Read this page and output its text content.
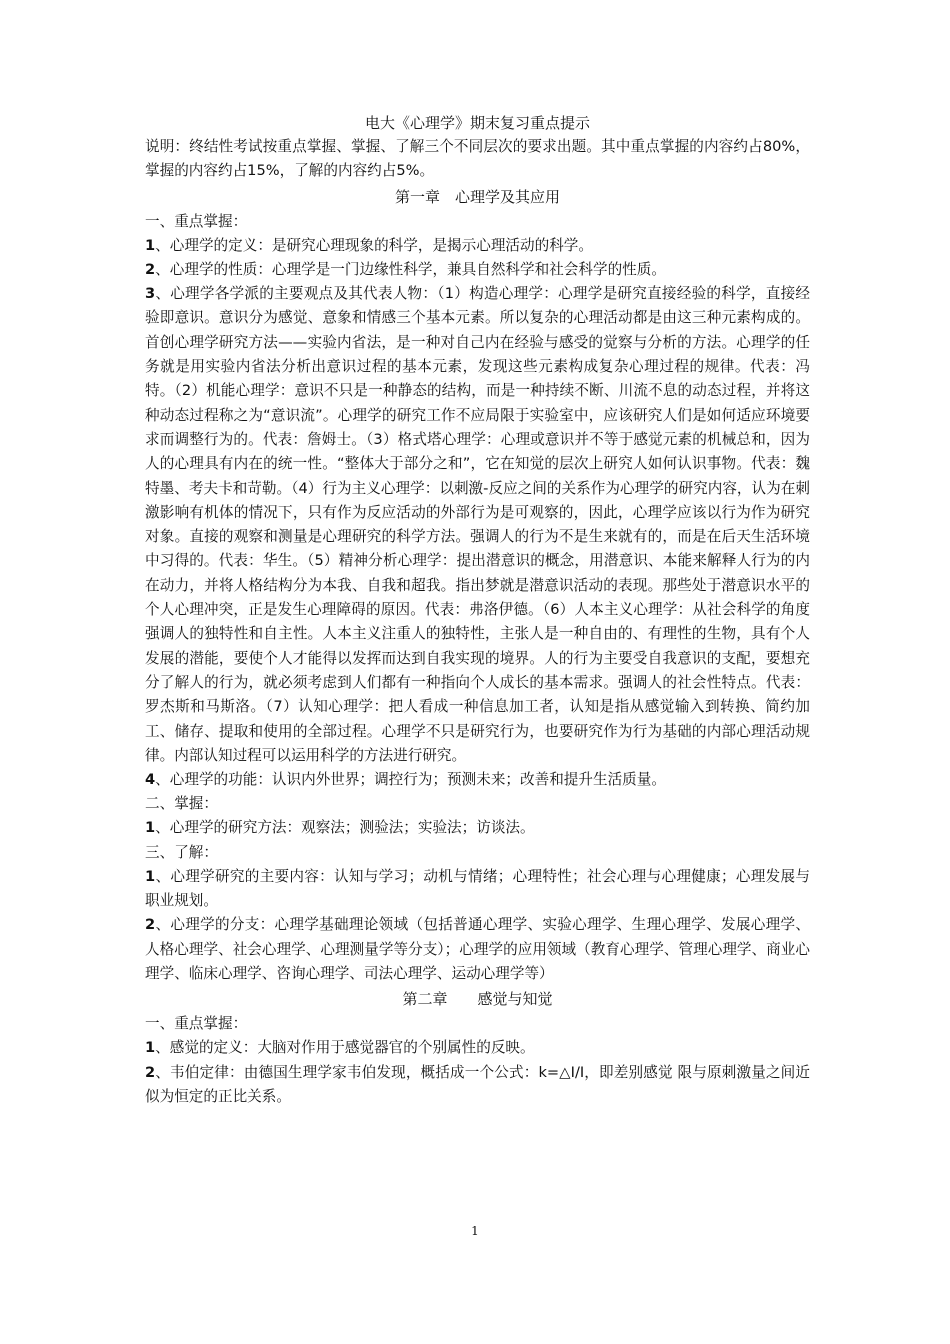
电大《心理学》期末复习重点提示

说明：终结性考试按重点掌握、掌握、了解三个不同层次的要求出题。其中重点掌握的内容约占80%，掌握的内容约占15%，了解的内容约占5%。

第一章　心理学及其应用
一、重点掌握：

1、心理学的定义：是研究心理现象的科学，是揭示心理活动的科学。

2、心理学的性质：心理学是一门边缘性科学，兼具自然科学和社会科学的性质。

3、心理学各学派的主要观点及其代表人物：（1）构造心理学：心理学是研究直接经验的科学，直接经验即意识。意识分为感觉、意象和情感三个基本元素。所以复杂的心理活动都是由这三种元素构成的。首创心理学研究方法——实验内省法，是一种对自己内在经验与感受的觉察与分析的方法。心理学的任务就是用实验内省法分析出意识过程的基本元素，发现这些元素构成复杂心理过程的规律。代表：冯特。（2）机能心理学：意识不只是一种静态的结构，而是一种持续不断、川流不息的动态过程，并将这种动态过程称之为“意识流”。心理学的研究工作不应局限于实验室中，应该研究人们是如何适应环境要求而调整行为的。代表：詹姆士。（3）格式塔心理学：心理或意识并不等于感觉元素的机械总和，因为人的心理具有内在的统一性。“整体大于部分之和”，它在知觉的层次上研究人如何认识事物。代表：魏特墨、考夫卡和苛勒。（4）行为主义心理学：以刺激-反应之间的关系作为心理学的研究内容，认为在刺激影响有机体的情况下，只有作为反应活动的外部行为是可观察的，因此，心理学应该以行为作为研究对象。直接的观察和测量是心理研究的科学方法。强调人的行为不是生来就有的，而是在后天生活环境中习得的。代表：华生。（5）精神分析心理学：提出潜意识的概念，用潜意识、本能来解释人行为的内在动力，并将人格结构分为本我、自我和超我。指出梦就是潜意识活动的表现。那些处于潜意识水平的个人心理冲突，正是发生心理障碍的原因。代表：弗洛伊德。（6）人本主义心理学：从社会科学的角度强调人的独特性和自主性。人本主义注重人的独特性，主张人是一种自由的、有理性的生物，具有个人发展的潜能，要使个人才能得以发挥而达到自我实现的境界。人的行为主要受自我意识的支配，要想充分了解人的行为，就必须考虑到人们都有一种指向个人成长的基本需求。强调人的社会性特点。代表：罗杰斯和马斯洛。（7）认知心理学：把人看成一种信息加工者，认知是指从感觉输入到转换、简约加工、储存、提取和使用的全部过程。心理学不只是研究行为，也要研究作为行为基础的内部心理活动规律。内部认知过程可以运用科学的方法进行研究。

4、心理学的功能：认识内外世界；调控行为；预测未来；改善和提升生活质量。

二、掌握：

1、心理学的研究方法：观察法；测验法；实验法；访谈法。

三、了解：

1、心理学研究的主要内容：认知与学习；动机与情绪；心理特性；社会心理与心理健康；心理发展与职业规划。

2、心理学的分支：心理学基础理论领域（包括普通心理学、实验心理学、生理心理学、发展心理学、人格心理学、社会心理学、心理测量学等分支）；心理学的应用领域（教育心理学、管理心理学、商业心理学、临床心理学、咨询心理学、司法心理学、运动心理学等）

第二章　　感觉与知觉
一、重点掌握：

1、感觉的定义：大脑对作用于感觉器官的个别属性的反映。

2、韦伯定律：由德国生理学家韦伯发现，概括成一个公式：k=△I/I，即差别感觉 限与原刺激量之间近似为恒定的正比关系。

1
